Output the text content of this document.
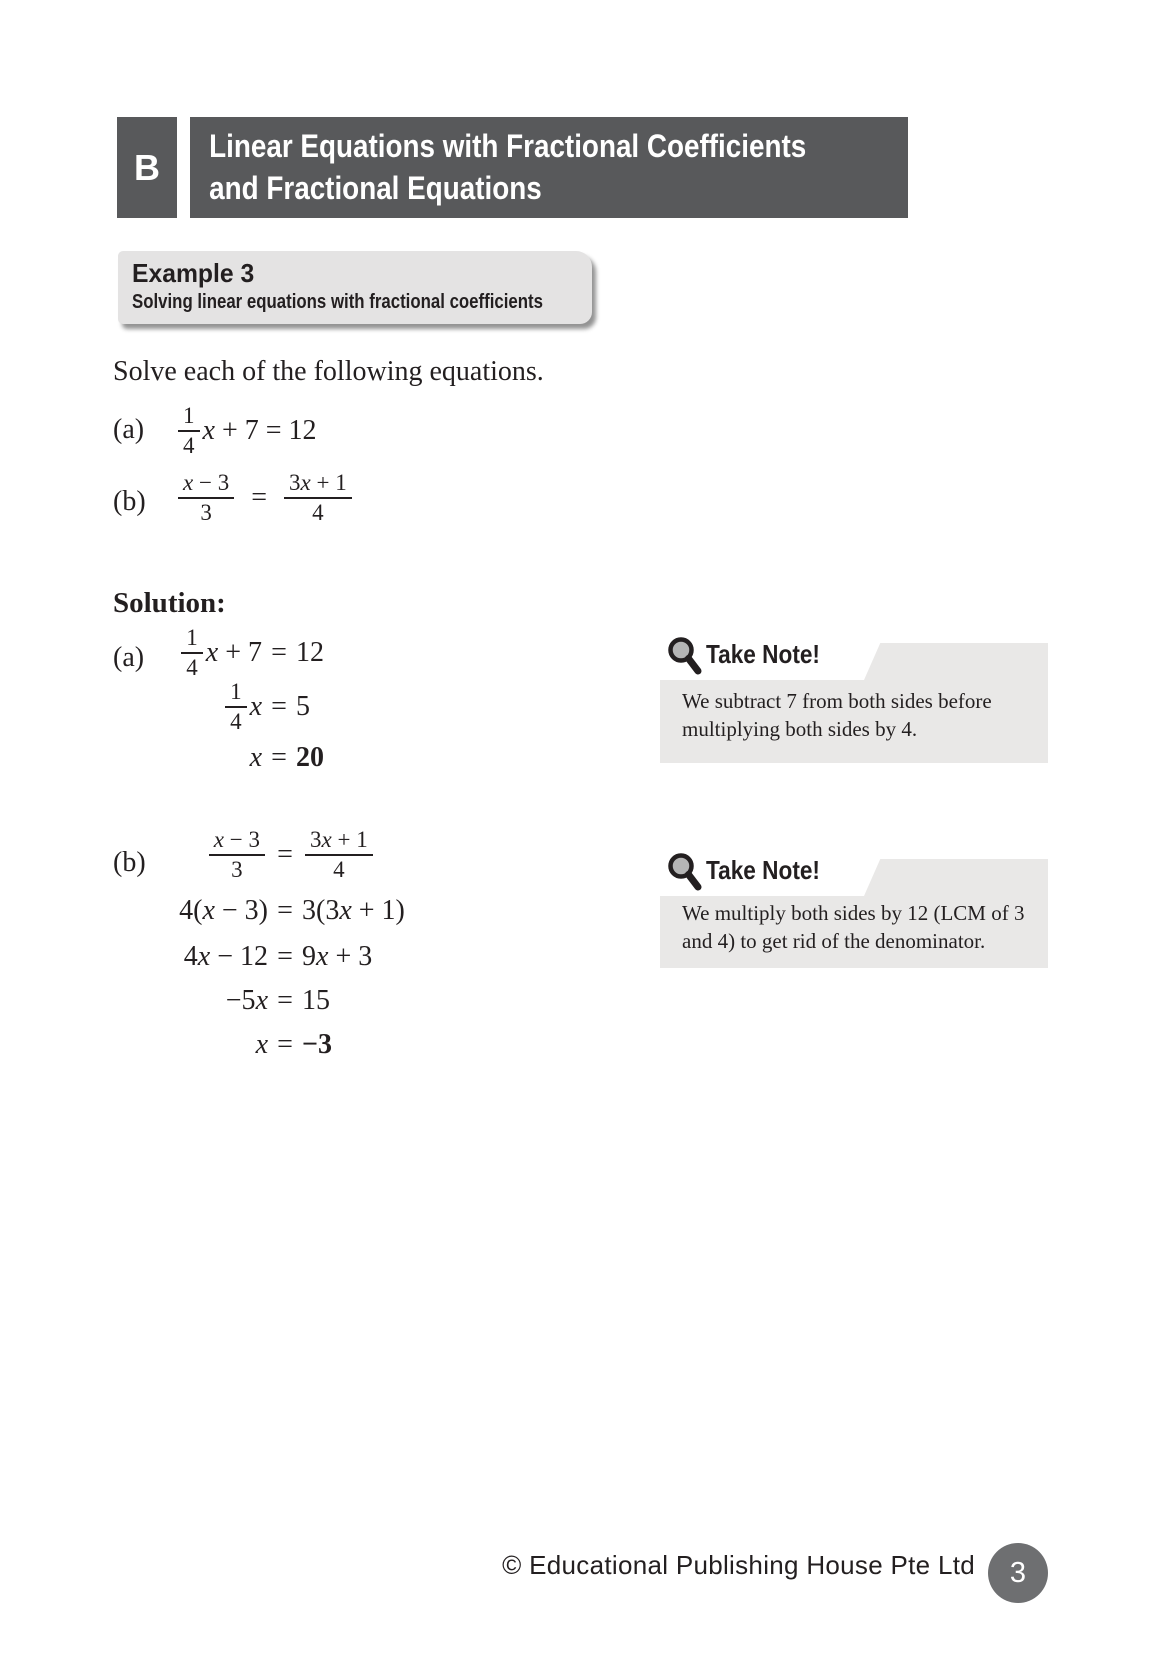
B
Linear Equations with Fractional Coefficients
and Fractional Equations
Example 3 Solving linear equations with fractional coefficients
Solve each of the following equations.
$(a) \frac{1}{4}$ x + 7 = 12
$(b) \frac{x - 3}{3} = \frac{3 x + 1}{4}$
Solution:
$(a) \frac{1}{4}$ x + 7 = 12
$\frac{1}{4}$ x = 5
x = 20
Take Note!
We subtract 7 from both sides before multiplying both sides by 4.
(b)	$\frac{x - 3}{3} = \frac{3 x + 1}{4}$
4( x − 3) = 3(3 x + 1)
4 x − 12 = 9 x + 3
−5 x = 15
x = −3
Take Note!
We multiply both sides by 12 (LCM of 3 and 4) to get rid of the denominator.
© Educational Publishing House Pte Ltd	3
